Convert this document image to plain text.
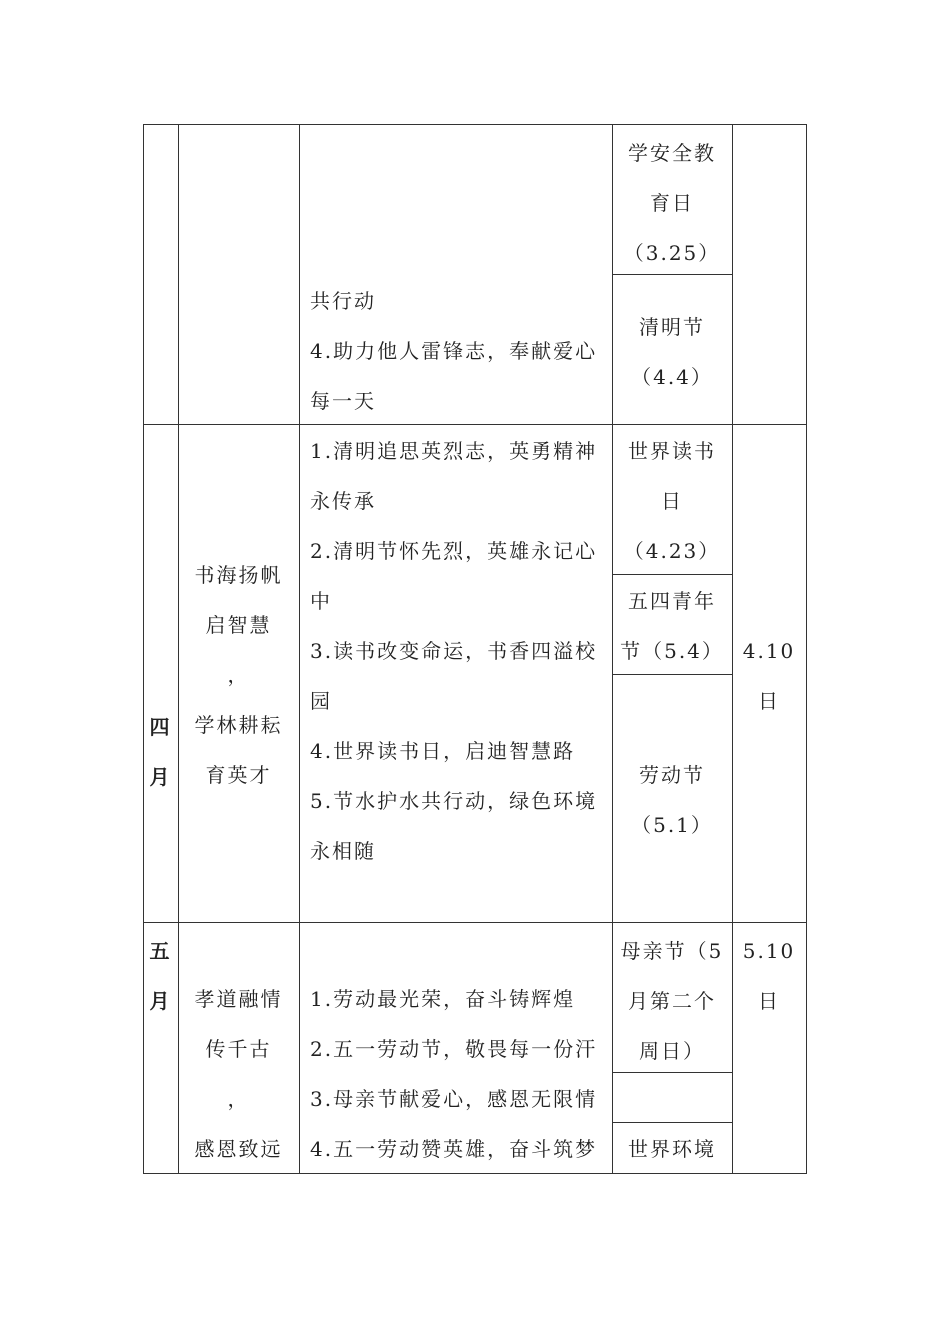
共行动
4.助力他人雷锋志，奉献爱心
每一天
学安全教
育日
（3.25）
清明节
（4.4）
四
月
书海扬帆
启智慧
，
学林耕耘
育英才
1.清明追思英烈志，英勇精神
永传承
2.清明节怀先烈，英雄永记心
中
3.读书改变命运，书香四溢校
园
4.世界读书日，启迪智慧路
5.节水护水共行动，绿色环境
永相随
世界读书
日
（4.23）
五四青年
节（5.4）
劳动节
（5.1）
4.10
日
五
月	孝道融情
传千古
，
感恩致远
1.劳动最光荣，奋斗铸辉煌
2.五一劳动节，敬畏每一份汗
3.母亲节献爱心，感恩无限情
4.五一劳动赞英雄，奋斗筑梦
母亲节（5
月第二个
周日）
世界环境
5.10
日
